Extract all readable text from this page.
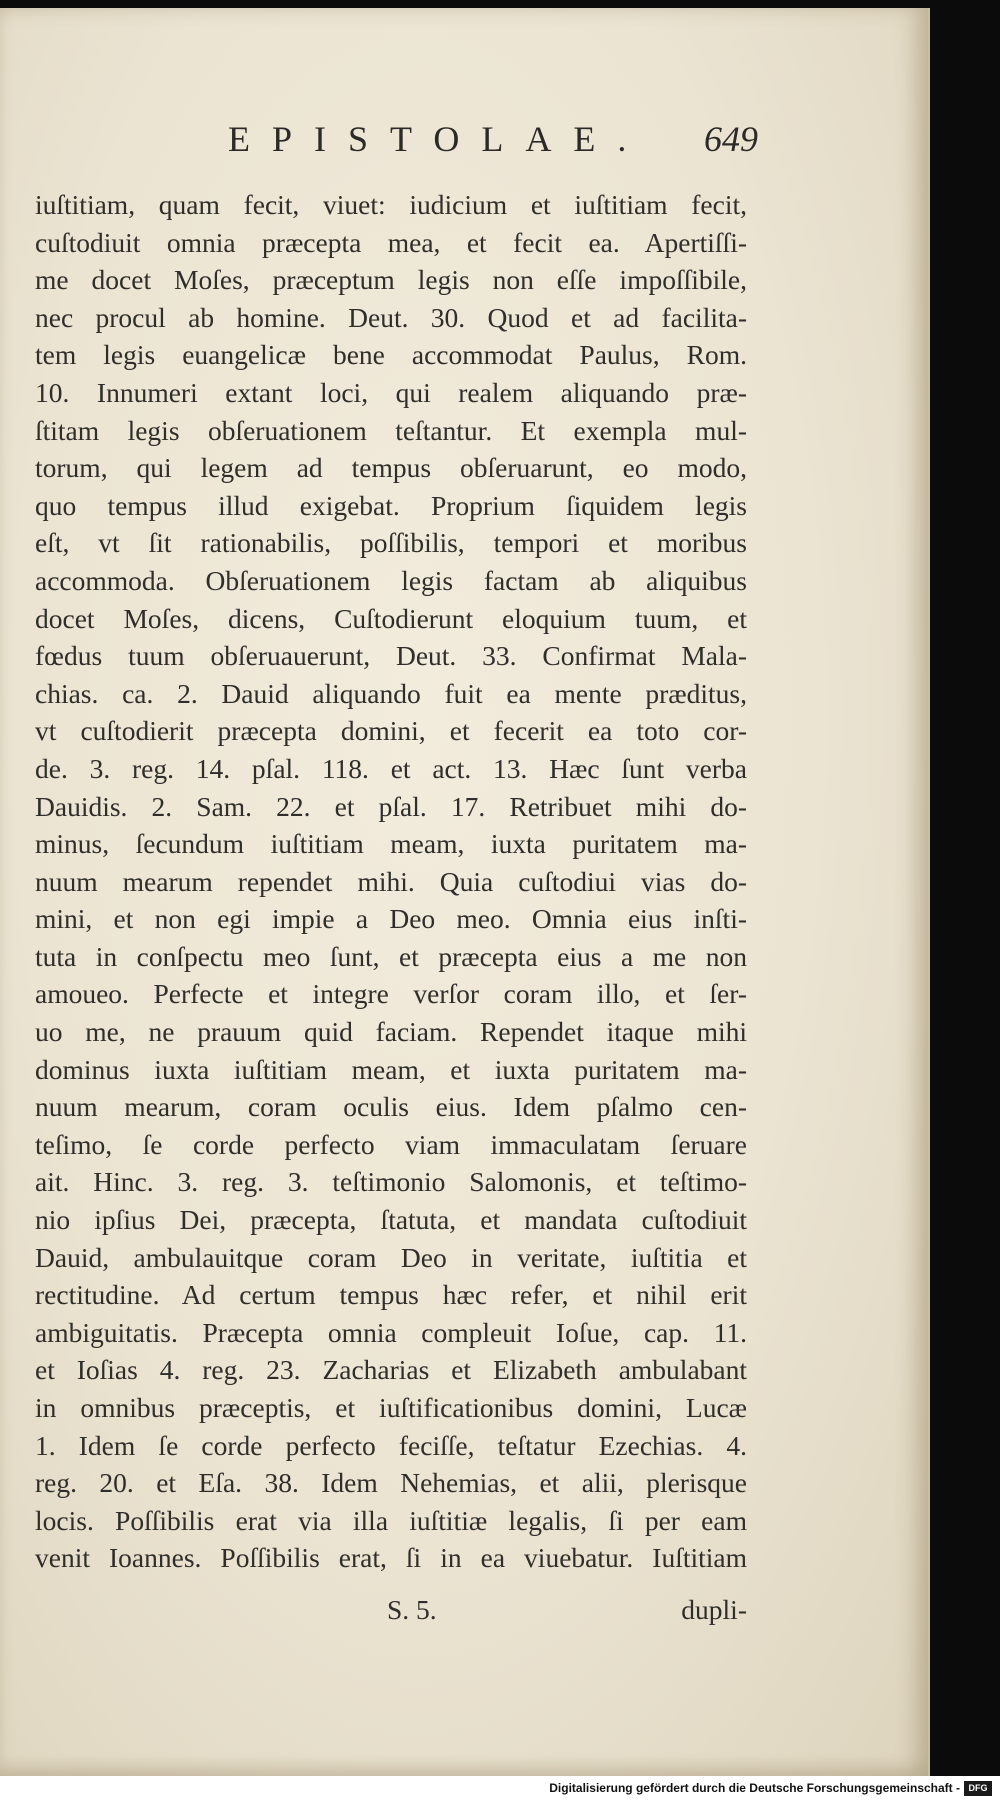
EPISTOLAE. 649
iuſtitiam, quam fecit, viuet: iudicium et iuſtitiam fecit,
cuſtodiuit omnia præcepta mea, et fecit ea. Apertiſſi-
me docet Moſes, præceptum legis non eſſe impoſſibile,
nec procul ab homine. Deut. 30. Quod et ad facilita-
tem legis euangelicæ bene accommodat Paulus, Rom.
10. Innumeri extant loci, qui realem aliquando præ-
ſtitam legis obſeruationem teſtantur. Et exempla mul-
torum, qui legem ad tempus obſeruarunt, eo modo,
quo tempus illud exigebat. Proprium ſiquidem legis
eſt, vt ſit rationabilis, poſſibilis, tempori et moribus
accommoda. Obſeruationem legis factam ab aliquibus
docet Moſes, dicens, Cuſtodierunt eloquium tuum, et
fœdus tuum obſeruauerunt, Deut. 33. Confirmat Mala-
chias. ca. 2. Dauid aliquando fuit ea mente præditus,
vt cuſtodierit præcepta domini, et fecerit ea toto cor-
de. 3. reg. 14. pſal. 118. et act. 13. Hæc ſunt verba
Dauidis. 2. Sam. 22. et pſal. 17. Retribuet mihi do-
minus, ſecundum iuſtitiam meam, iuxta puritatem ma-
nuum mearum rependet mihi. Quia cuſtodiui vias do-
mini, et non egi impie a Deo meo. Omnia eius inſti-
tuta in conſpectu meo ſunt, et præcepta eius a me non
amoueo. Perfecte et integre verſor coram illo, et ſer-
uo me, ne prauum quid faciam. Rependet itaque mihi
dominus iuxta iuſtitiam meam, et iuxta puritatem ma-
nuum mearum, coram oculis eius. Idem pſalmo cen-
teſimo, ſe corde perfecto viam immaculatam ſeruare
ait. Hinc. 3. reg. 3. teſtimonio Salomonis, et teſtimo-
nio ipſius Dei, præcepta, ſtatuta, et mandata cuſtodiuit
Dauid, ambulauitque coram Deo in veritate, iuſtitia et
rectitudine. Ad certum tempus hæc refer, et nihil erit
ambiguitatis. Præcepta omnia compleuit Ioſue, cap. 11.
et Ioſias 4. reg. 23. Zacharias et Elizabeth ambulabant
in omnibus præceptis, et iuſtificationibus domini, Lucæ
1. Idem ſe corde perfecto feciſſe, teſtatur Ezechias. 4.
reg. 20. et Eſa. 38. Idem Nehemias, et alii, plerisque
locis. Poſſibilis erat via illa iuſtitiæ legalis, ſi per eam
venit Ioannes. Poſſibilis erat, ſi in ea viuebatur. Iuſtitiam
S. 5.	dupli-
Digitalisierung gefördert durch die Deutsche Forschungsgemeinschaft - DFG
